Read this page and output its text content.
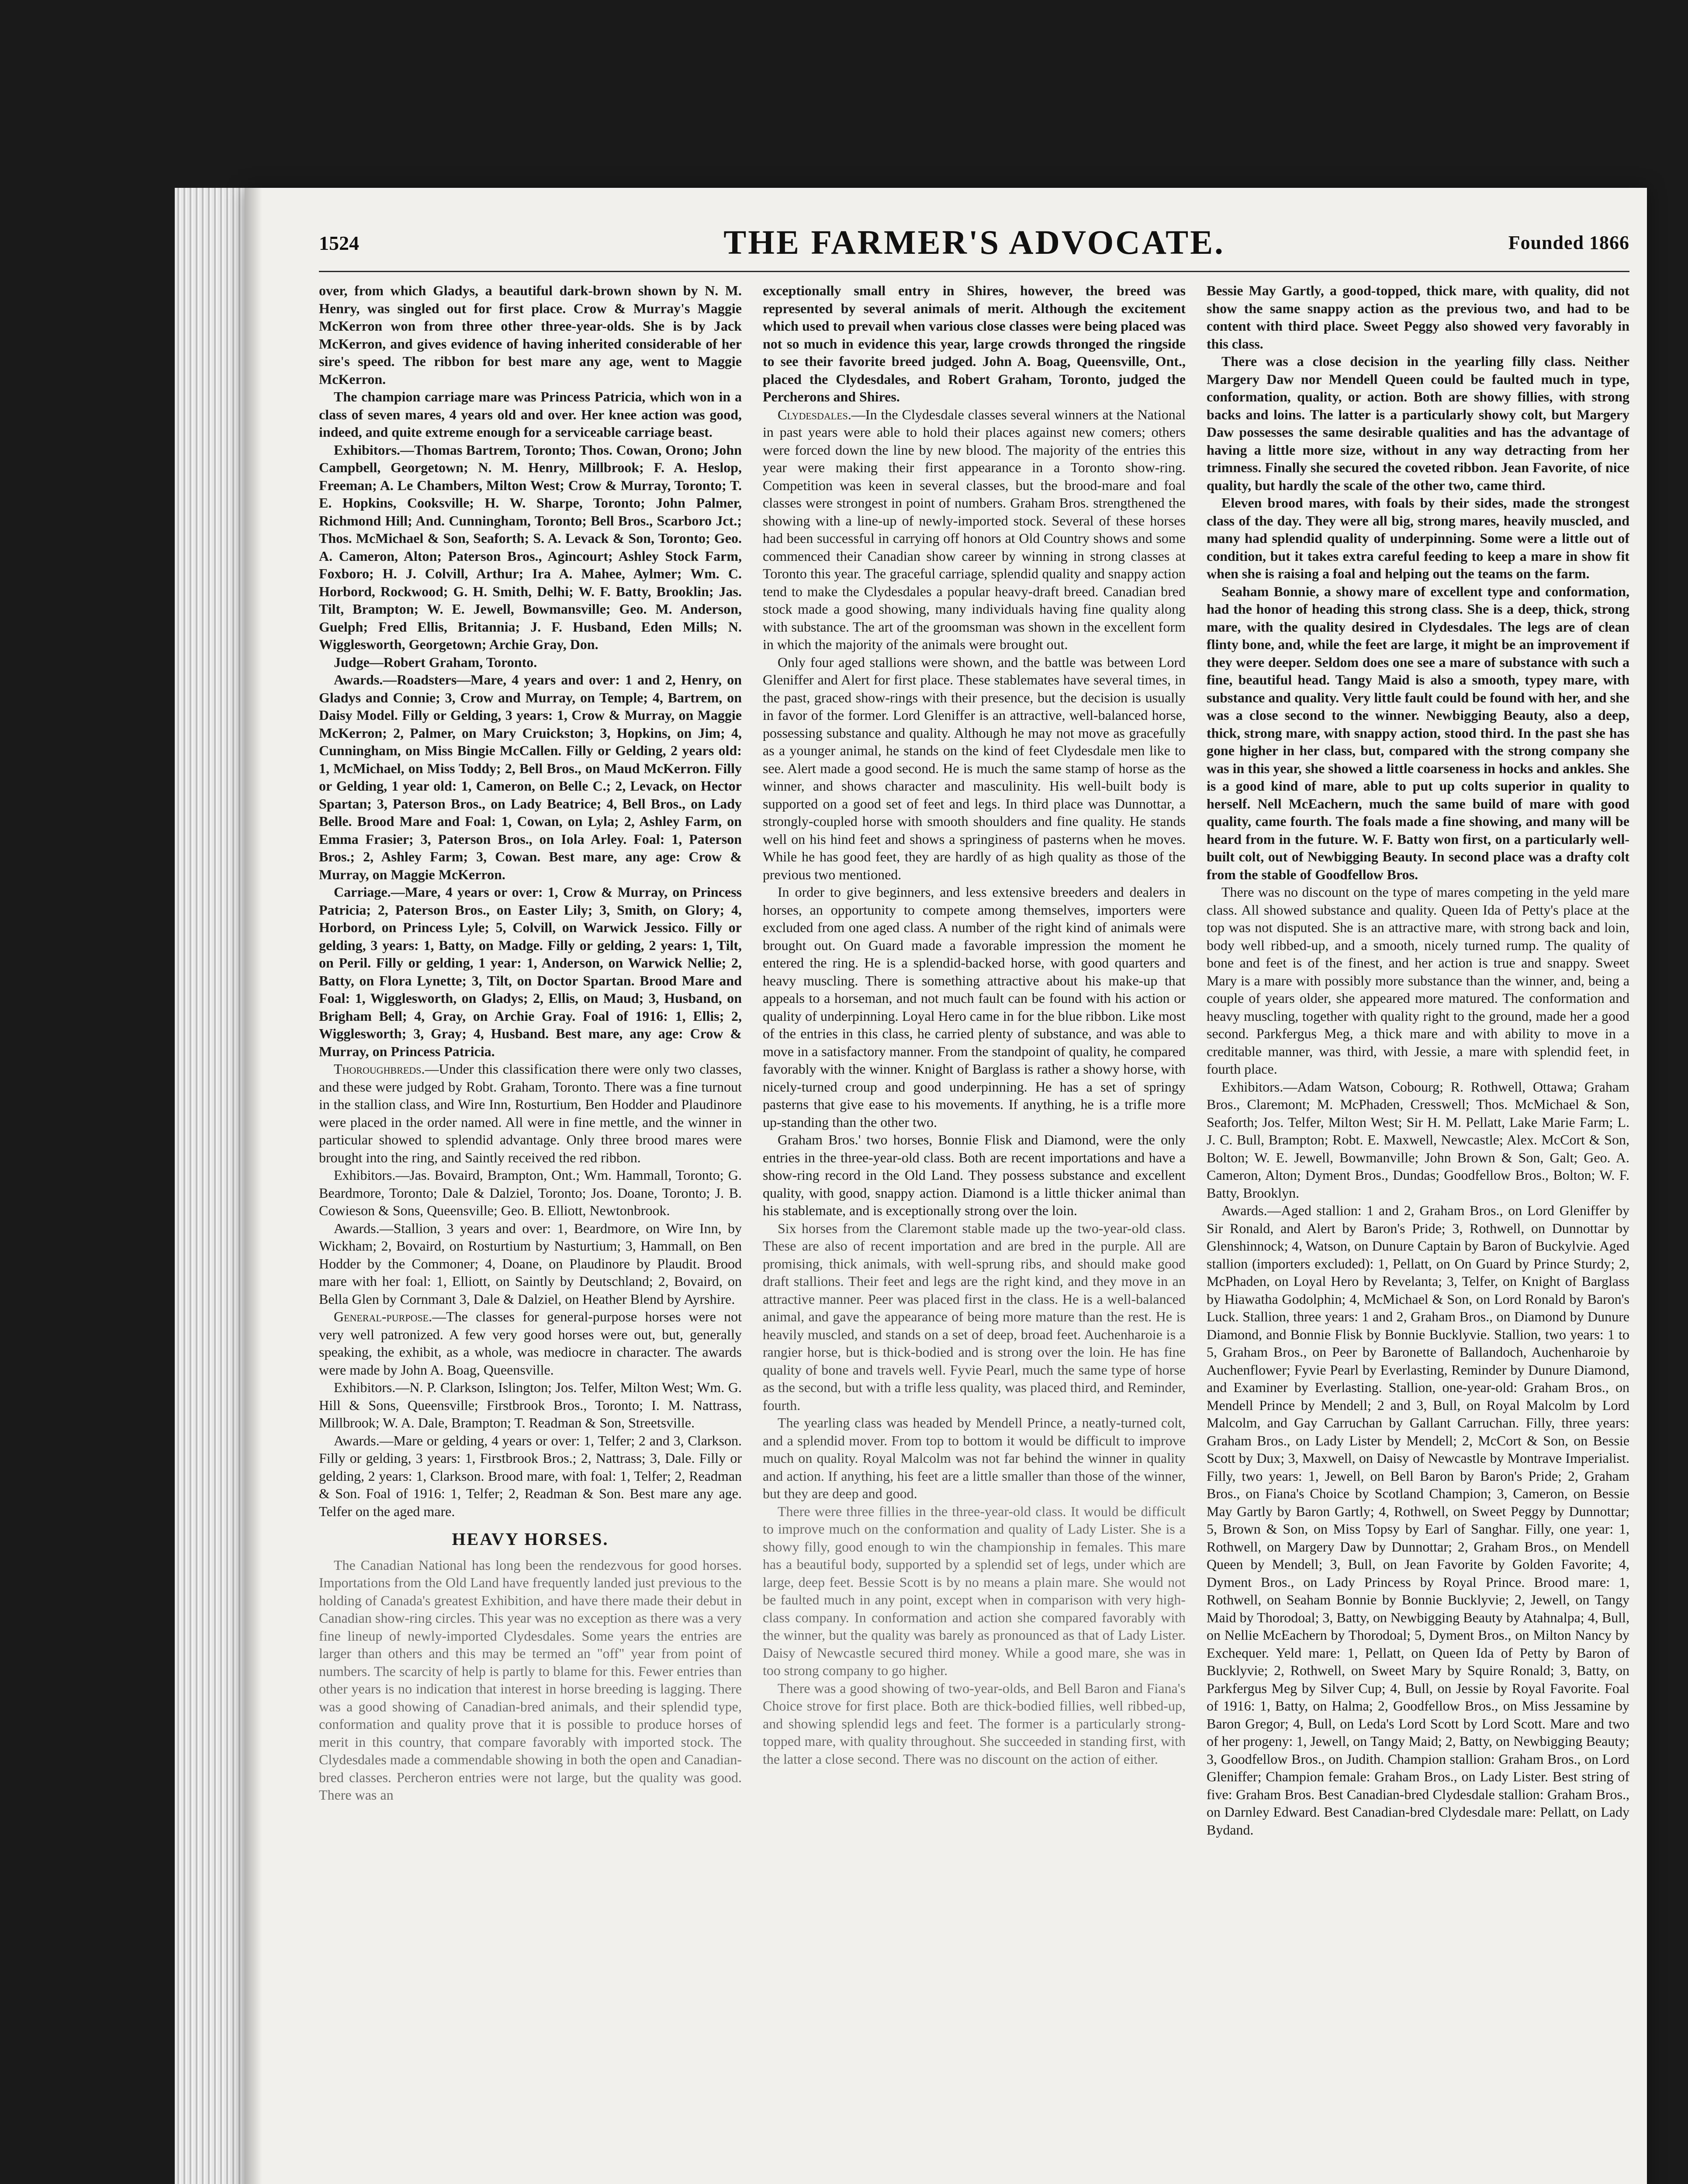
1524	THE FARMER'S ADVOCATE.	Founded 1866

over, from which Gladys, a beautiful dark-brown shown by N. M. Henry, was singled out for first place. Crow & Murray's Maggie McKerron won from three other three-year-olds. She is by Jack McKerron, and gives evidence of having inherited considerable of her sire's speed. The ribbon for best mare any age, went to Maggie McKerron.

The champion carriage mare was Princess Patricia, which won in a class of seven mares, 4 years old and over. Her knee action was good, indeed, and quite extreme enough for a serviceable carriage beast.

Exhibitors.—Thomas Bartrem, Toronto; Thos. Cowan, Orono; John Campbell, Georgetown; N. M. Henry, Millbrook; F. A. Heslop, Freeman; A. Le Chambers, Milton West; Crow & Murray, Toronto; T. E. Hopkins, Cooksville; H. W. Sharpe, Toronto; John Palmer, Richmond Hill; And. Cunningham, Toronto; Bell Bros., Scarboro Jct.; Thos. McMichael & Son, Seaforth; S. A. Levack & Son, Toronto; Geo. A. Cameron, Alton; Paterson Bros., Agincourt; Ashley Stock Farm, Foxboro; H. J. Colvill, Arthur; Ira A. Mahee, Aylmer; Wm. C. Horbord, Rockwood; G. H. Smith, Delhi; W. F. Batty, Brooklin; Jas. Tilt, Brampton; W. E. Jewell, Bowmansville; Geo. M. Anderson, Guelph; Fred Ellis, Britannia; J. F. Husband, Eden Mills; N. Wigglesworth, Georgetown; Archie Gray, Don.

Judge—Robert Graham, Toronto.

Awards.—Roadsters—Mare, 4 years and over: 1 and 2, Henry, on Gladys and Connie; 3, Crow and Murray, on Temple; 4, Bartrem, on Daisy Model. Filly or Gelding, 3 years: 1, Crow & Murray, on Maggie McKerron; 2, Palmer, on Mary Cruickston; 3, Hopkins, on Jim; 4, Cunningham, on Miss Bingie McCallen. Filly or Gelding, 2 years old: 1, McMichael, on Miss Toddy; 2, Bell Bros., on Maud McKerron. Filly or Gelding, 1 year old: 1, Cameron, on Belle C.; 2, Levack, on Hector Spartan; 3, Paterson Bros., on Lady Beatrice; 4, Bell Bros., on Lady Belle. Brood Mare and Foal: 1, Cowan, on Lyla; 2, Ashley Farm, on Emma Frasier; 3, Paterson Bros., on Iola Arley. Foal: 1, Paterson Bros.; 2, Ashley Farm; 3, Cowan. Best mare, any age: Crow & Murray, on Maggie McKerron.

Carriage.—Mare, 4 years or over: 1, Crow & Murray, on Princess Patricia; 2, Paterson Bros., on Easter Lily; 3, Smith, on Glory; 4, Horbord, on Princess Lyle; 5, Colvill, on Warwick Jessico. Filly or gelding, 3 years: 1, Batty, on Madge. Filly or gelding, 2 years: 1, Tilt, on Peril. Filly or gelding, 1 year: 1, Anderson, on Warwick Nellie; 2, Batty, on Flora Lynette; 3, Tilt, on Doctor Spartan. Brood Mare and Foal: 1, Wigglesworth, on Gladys; 2, Ellis, on Maud; 3, Husband, on Brigham Bell; 4, Gray, on Archie Gray. Foal of 1916: 1, Ellis; 2, Wigglesworth; 3, Gray; 4, Husband. Best mare, any age: Crow & Murray, on Princess Patricia.

Thoroughbreds.—Under this classification there were only two classes, and these were judged by Robt. Graham, Toronto. There was a fine turnout in the stallion class, and Wire Inn, Rosturtium, Ben Hodder and Plaudinore were placed in the order named. All were in fine mettle, and the winner in particular showed to splendid advantage. Only three brood mares were brought into the ring, and Saintly received the red ribbon.

Exhibitors.—Jas. Bovaird, Brampton, Ont.; Wm. Hammall, Toronto; G. Beardmore, Toronto; Dale & Dalziel, Toronto; Jos. Doane, Toronto; J. B. Cowieson & Sons, Queensville; Geo. B. Elliott, Newtonbrook.

Awards.—Stallion, 3 years and over: 1, Beardmore, on Wire Inn, by Wickham; 2, Bovaird, on Rosturtium by Nasturtium; 3, Hammall, on Ben Hodder by the Commoner; 4, Doane, on Plaudinore by Plaudit. Brood mare with her foal: 1, Elliott, on Saintly by Deutschland; 2, Bovaird, on Bella Glen by Cornmant 3, Dale & Dalziel, on Heather Blend by Ayrshire.

General-purpose.—The classes for general-purpose horses were not very well patronized. A few very good horses were out, but, generally speaking, the exhibit, as a whole, was mediocre in character. The awards were made by John A. Boag, Queensville.

Exhibitors.—N. P. Clarkson, Islington; Jos. Telfer, Milton West; Wm. G. Hill & Sons, Queensville; Firstbrook Bros., Toronto; I. M. Nattrass, Millbrook; W. A. Dale, Brampton; T. Readman & Son, Streetsville.

Awards.—Mare or gelding, 4 years or over: 1, Telfer; 2 and 3, Clarkson. Filly or gelding, 3 years: 1, Firstbrook Bros.; 2, Nattrass; 3, Dale. Filly or gelding, 2 years: 1, Clarkson. Brood mare, with foal: 1, Telfer; 2, Readman & Son. Foal of 1916: 1, Telfer; 2, Readman & Son. Best mare any age. Telfer on the aged mare.

HEAVY HORSES.

The Canadian National has long been the rendezvous for good horses. Importations from the Old Land have frequently landed just previous to the holding of Canada's greatest Exhibition, and have there made their debut in Canadian show-ring circles. This year was no exception as there was a very fine lineup of newly-imported Clydesdales. Some years the entries are larger than others and this may be termed an "off" year from point of numbers. The scarcity of help is partly to blame for this. Fewer entries than other years is no indication that interest in horse breeding is lagging. There was a good showing of Canadian-bred animals, and their splendid type, conformation and quality prove that it is possible to produce horses of merit in this country, that compare favorably with imported stock. The Clydesdales made a commendable showing in both the open and Canadian-bred classes. Percheron entries were not large, but the quality was good. There was an

exceptionally small entry in Shires, however, the breed was represented by several animals of merit. Although the excitement which used to prevail when various close classes were being placed was not so much in evidence this year, large crowds thronged the ringside to see their favorite breed judged. John A. Boag, Queensville, Ont., placed the Clydesdales, and Robert Graham, Toronto, judged the Percherons and Shires.

Clydesdales.—In the Clydesdale classes several winners at the National in past years were able to hold their places against new comers; others were forced down the line by new blood. The majority of the entries this year were making their first appearance in a Toronto show-ring. Competition was keen in several classes, but the brood-mare and foal classes were strongest in point of numbers. Graham Bros. strengthened the showing with a line-up of newly-imported stock. Several of these horses had been successful in carrying off honors at Old Country shows and some commenced their Canadian show career by winning in strong classes at Toronto this year. The graceful carriage, splendid quality and snappy action tend to make the Clydesdales a popular heavy-draft breed. Canadian bred stock made a good showing, many individuals having fine quality along with substance. The art of the groomsman was shown in the excellent form in which the majority of the animals were brought out.

Only four aged stallions were shown, and the battle was between Lord Gleniffer and Alert for first place. These stablemates have several times, in the past, graced show-rings with their presence, but the decision is usually in favor of the former. Lord Gleniffer is an attractive, well-balanced horse, possessing substance and quality. Although he may not move as gracefully as a younger animal, he stands on the kind of feet Clydesdale men like to see. Alert made a good second. He is much the same stamp of horse as the winner, and shows character and masculinity. His well-built body is supported on a good set of feet and legs. In third place was Dunnottar, a strongly-coupled horse with smooth shoulders and fine quality. He stands well on his hind feet and shows a springiness of pasterns when he moves. While he has good feet, they are hardly of as high quality as those of the previous two mentioned.

In order to give beginners, and less extensive breeders and dealers in horses, an opportunity to compete among themselves, importers were excluded from one aged class. A number of the right kind of animals were brought out. On Guard made a favorable impression the moment he entered the ring. He is a splendid-backed horse, with good quarters and heavy muscling. There is something attractive about his make-up that appeals to a horseman, and not much fault can be found with his action or quality of underpinning. Loyal Hero came in for the blue ribbon. Like most of the entries in this class, he carried plenty of substance, and was able to move in a satisfactory manner. From the standpoint of quality, he compared favorably with the winner. Knight of Barglass is rather a showy horse, with nicely-turned croup and good underpinning. He has a set of springy pasterns that give ease to his movements. If anything, he is a trifle more up-standing than the other two.

Graham Bros.' two horses, Bonnie Flisk and Diamond, were the only entries in the three-year-old class. Both are recent importations and have a show-ring record in the Old Land. They possess substance and excellent quality, with good, snappy action. Diamond is a little thicker animal than his stablemate, and is exceptionally strong over the loin.

Six horses from the Claremont stable made up the two-year-old class. These are also of recent importation and are bred in the purple. All are promising, thick animals, with well-sprung ribs, and should make good draft stallions. Their feet and legs are the right kind, and they move in an attractive manner. Peer was placed first in the class. He is a well-balanced animal, and gave the appearance of being more mature than the rest. He is heavily muscled, and stands on a set of deep, broad feet. Auchenharoie is a rangier horse, but is thick-bodied and is strong over the loin. He has fine quality of bone and travels well. Fyvie Pearl, much the same type of horse as the second, but with a trifle less quality, was placed third, and Reminder, fourth.

The yearling class was headed by Mendell Prince, a neatly-turned colt, and a splendid mover. From top to bottom it would be difficult to improve much on quality. Royal Malcolm was not far behind the winner in quality and action. If anything, his feet are a little smaller than those of the winner, but they are deep and good.

There were three fillies in the three-year-old class. It would be difficult to improve much on the conformation and quality of Lady Lister. She is a showy filly, good enough to win the championship in females. This mare has a beautiful body, supported by a splendid set of legs, under which are large, deep feet. Bessie Scott is by no means a plain mare. She would not be faulted much in any point, except when in comparison with very high-class company. In conformation and action she compared favorably with the winner, but the quality was barely as pronounced as that of Lady Lister. Daisy of Newcastle secured third money. While a good mare, she was in too strong company to go higher.

There was a good showing of two-year-olds, and Bell Baron and Fiana's Choice strove for first place. Both are thick-bodied fillies, well ribbed-up, and showing splendid legs and feet. The former is a particularly strong-topped mare, with quality throughout. She succeeded in standing first, with the latter a close second. There was no discount on the action of either.

Bessie May Gartly, a good-topped, thick mare, with quality, did not show the same snappy action as the previous two, and had to be content with third place. Sweet Peggy also showed very favorably in this class.

There was a close decision in the yearling filly class. Neither Margery Daw nor Mendell Queen could be faulted much in type, conformation, quality, or action. Both are showy fillies, with strong backs and loins. The latter is a particularly showy colt, but Margery Daw possesses the same desirable qualities and has the advantage of having a little more size, without in any way detracting from her trimness. Finally she secured the coveted ribbon. Jean Favorite, of nice quality, but hardly the scale of the other two, came third.

Eleven brood mares, with foals by their sides, made the strongest class of the day. They were all big, strong mares, heavily muscled, and many had splendid quality of underpinning. Some were a little out of condition, but it takes extra careful feeding to keep a mare in show fit when she is raising a foal and helping out the teams on the farm.

Seaham Bonnie, a showy mare of excellent type and conformation, had the honor of heading this strong class. She is a deep, thick, strong mare, with the quality desired in Clydesdales. The legs are of clean flinty bone, and, while the feet are large, it might be an improvement if they were deeper. Seldom does one see a mare of substance with such a fine, beautiful head. Tangy Maid is also a smooth, typey mare, with substance and quality. Very little fault could be found with her, and she was a close second to the winner. Newbigging Beauty, also a deep, thick, strong mare, with snappy action, stood third. In the past she has gone higher in her class, but, compared with the strong company she was in this year, she showed a little coarseness in hocks and ankles. She is a good kind of mare, able to put up colts superior in quality to herself. Nell McEachern, much the same build of mare with good quality, came fourth. The foals made a fine showing, and many will be heard from in the future. W. F. Batty won first, on a particularly well-built colt, out of Newbigging Beauty. In second place was a drafty colt from the stable of Goodfellow Bros.

There was no discount on the type of mares competing in the yeld mare class. All showed substance and quality. Queen Ida of Petty's place at the top was not disputed. She is an attractive mare, with strong back and loin, body well ribbed-up, and a smooth, nicely turned rump. The quality of bone and feet is of the finest, and her action is true and snappy. Sweet Mary is a mare with possibly more substance than the winner, and, being a couple of years older, she appeared more matured. The conformation and heavy muscling, together with quality right to the ground, made her a good second. Parkfergus Meg, a thick mare and with ability to move in a creditable manner, was third, with Jessie, a mare with splendid feet, in fourth place.

Exhibitors.—Adam Watson, Cobourg; R. Rothwell, Ottawa; Graham Bros., Claremont; M. McPhaden, Cresswell; Thos. McMichael & Son, Seaforth; Jos. Telfer, Milton West; Sir H. M. Pellatt, Lake Marie Farm; L. J. C. Bull, Brampton; Robt. E. Maxwell, Newcastle; Alex. McCort & Son, Bolton; W. E. Jewell, Bowmanville; John Brown & Son, Galt; Geo. A. Cameron, Alton; Dyment Bros., Dundas; Goodfellow Bros., Bolton; W. F. Batty, Brooklyn.

Awards.—Aged stallion: 1 and 2, Graham Bros., on Lord Gleniffer by Sir Ronald, and Alert by Baron's Pride; 3, Rothwell, on Dunnottar by Glenshinnock; 4, Watson, on Dunure Captain by Baron of Buckylvie. Aged stallion (importers excluded): 1, Pellatt, on On Guard by Prince Sturdy; 2, McPhaden, on Loyal Hero by Revelanta; 3, Telfer, on Knight of Barglass by Hiawatha Godolphin; 4, McMichael & Son, on Lord Ronald by Baron's Luck. Stallion, three years: 1 and 2, Graham Bros., on Diamond by Dunure Diamond, and Bonnie Flisk by Bonnie Bucklyvie. Stallion, two years: 1 to 5, Graham Bros., on Peer by Baronette of Ballandoch, Auchenharoie by Auchenflower; Fyvie Pearl by Everlasting, Reminder by Dunure Diamond, and Examiner by Everlasting. Stallion, one-year-old: Graham Bros., on Mendell Prince by Mendell; 2 and 3, Bull, on Royal Malcolm by Lord Malcolm, and Gay Carruchan by Gallant Carruchan. Filly, three years: Graham Bros., on Lady Lister by Mendell; 2, McCort & Son, on Bessie Scott by Dux; 3, Maxwell, on Daisy of Newcastle by Montrave Imperialist. Filly, two years: 1, Jewell, on Bell Baron by Baron's Pride; 2, Graham Bros., on Fiana's Choice by Scotland Champion; 3, Cameron, on Bessie May Gartly by Baron Gartly; 4, Rothwell, on Sweet Peggy by Dunnottar; 5, Brown & Son, on Miss Topsy by Earl of Sanghar. Filly, one year: 1, Rothwell, on Margery Daw by Dunnottar; 2, Graham Bros., on Mendell Queen by Mendell; 3, Bull, on Jean Favorite by Golden Favorite; 4, Dyment Bros., on Lady Princess by Royal Prince. Brood mare: 1, Rothwell, on Seaham Bonnie by Bonnie Bucklyvie; 2, Jewell, on Tangy Maid by Thorodoal; 3, Batty, on Newbigging Beauty by Atahnalpa; 4, Bull, on Nellie McEachern by Thorodoal; 5, Dyment Bros., on Milton Nancy by Exchequer. Yeld mare: 1, Pellatt, on Queen Ida of Petty by Baron of Bucklyvie; 2, Rothwell, on Sweet Mary by Squire Ronald; 3, Batty, on Parkfergus Meg by Silver Cup; 4, Bull, on Jessie by Royal Favorite. Foal of 1916: 1, Batty, on Halma; 2, Goodfellow Bros., on Miss Jessamine by Baron Gregor; 4, Bull, on Leda's Lord Scott by Lord Scott. Mare and two of her progeny: 1, Jewell, on Tangy Maid; 2, Batty, on Newbigging Beauty; 3, Goodfellow Bros., on Judith. Champion stallion: Graham Bros., on Lord Gleniffer; Champion female: Graham Bros., on Lady Lister. Best string of five: Graham Bros. Best Canadian-bred Clydesdale stallion: Graham Bros., on Darnley Edward. Best Canadian-bred Clydesdale mare: Pellatt, on Lady Bydand.
